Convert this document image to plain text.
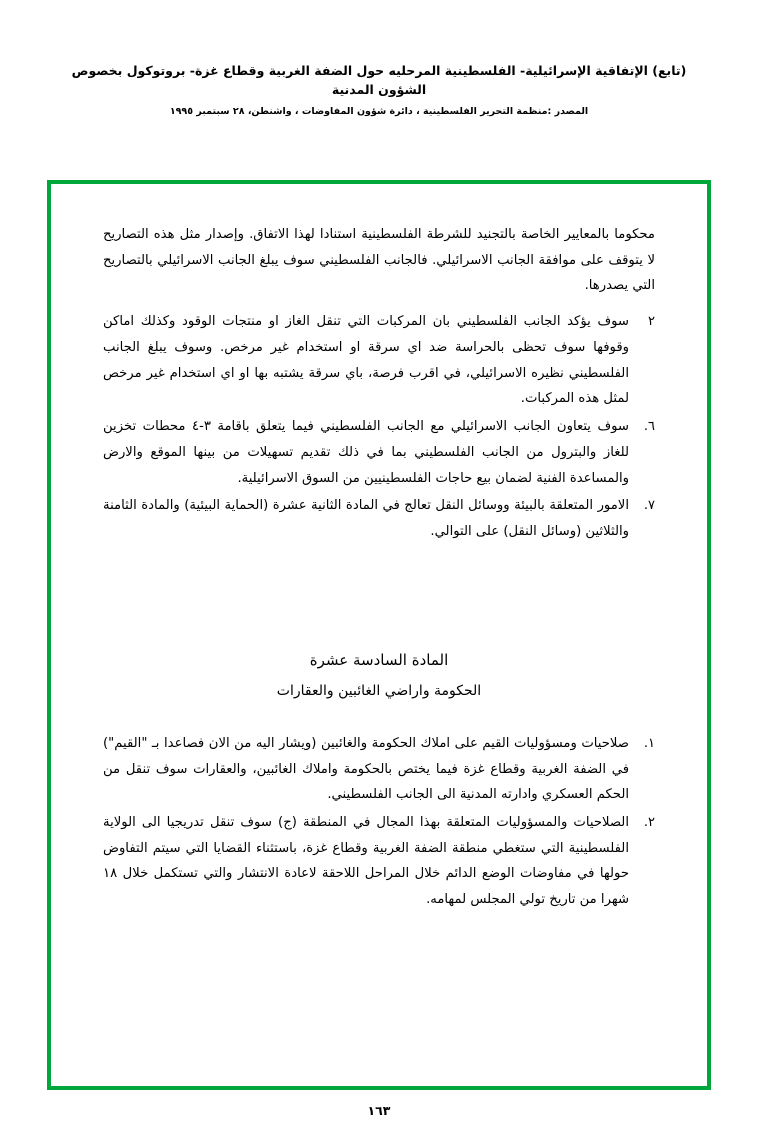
(تابع) الإتفاقية الإسرائيلية- الفلسطينية المرحليه حول الضفة الغربية وقطاع غزة- بروتوكول بخصوص الشؤون المدنية
المصدر :منظمة التحرير الفلسطينية ، دائرة شؤون المفاوضات ، واشنطن، ٢٨ سبتمبر ١٩٩٥
محكوما بالمعايير الخاصة بالتجنيد للشرطة الفلسطينية استنادا لهذا الاتفاق. وإصدار مثل هذه التصاريح لا يتوقف على موافقة الجانب الاسرائيلي. فالجانب الفلسطيني سوف يبلغ الجانب الاسرائيلي بالتصاريح التي يصدرها.
٢
سوف يؤكد الجانب الفلسطيني بان المركبات التي تنقل الغاز او منتجات الوقود وكذلك اماكن وقوفها سوف تحظى بالحراسة ضد اي سرقة او استخدام غير مرخص. وسوف يبلغ الجانب الفلسطيني نظيره الاسرائيلي، في اقرب فرصة، باي سرقة يشتبه بها او اي استخدام غير مرخص لمثل هذه المركبات.
٦.
سوف يتعاون الجانب الاسرائيلي مع الجانب الفلسطيني فيما يتعلق باقامة ٣-٤ محطات تخزين للغاز والبترول من الجانب الفلسطيني بما في ذلك تقديم تسهيلات من بينها الموقع والارض والمساعدة الفنية لضمان بيع حاجات الفلسطينيين من السوق الاسرائيلية.
٧.
الامور المتعلقة بالبيئة ووسائل النقل تعالج في المادة الثانية عشرة (الحماية البيئية) والمادة الثامنة والثلاثين (وسائل النقل) على التوالي.
المادة السادسة عشرة
الحكومة واراضي الغائبين والعقارات
١.
صلاحيات ومسؤوليات القيم على املاك الحكومة والغائبين (ويشار اليه من الان فصاعدا بـ "القيم") في الضفة الغربية وقطاع غزة فيما يختص بالحكومة واملاك الغائبين، والعقارات سوف تنقل من الحكم العسكري وادارته المدنية الى الجانب الفلسطيني.
٢.
الصلاحيات والمسؤوليات المتعلقة بهذا المجال في المنطقة (ج) سوف تنقل تدريجيا الى الولاية الفلسطينية التي ستغطي منطقة الضفة الغربية وقطاع غزة، باستثناء القضايا التي سيتم التفاوض حولها في مفاوضات الوضع الدائم خلال المراحل اللاحقة لاعادة الانتشار والتي تستكمل خلال ١٨ شهرا من تاريخ تولي المجلس لمهامه.
١٦٣
